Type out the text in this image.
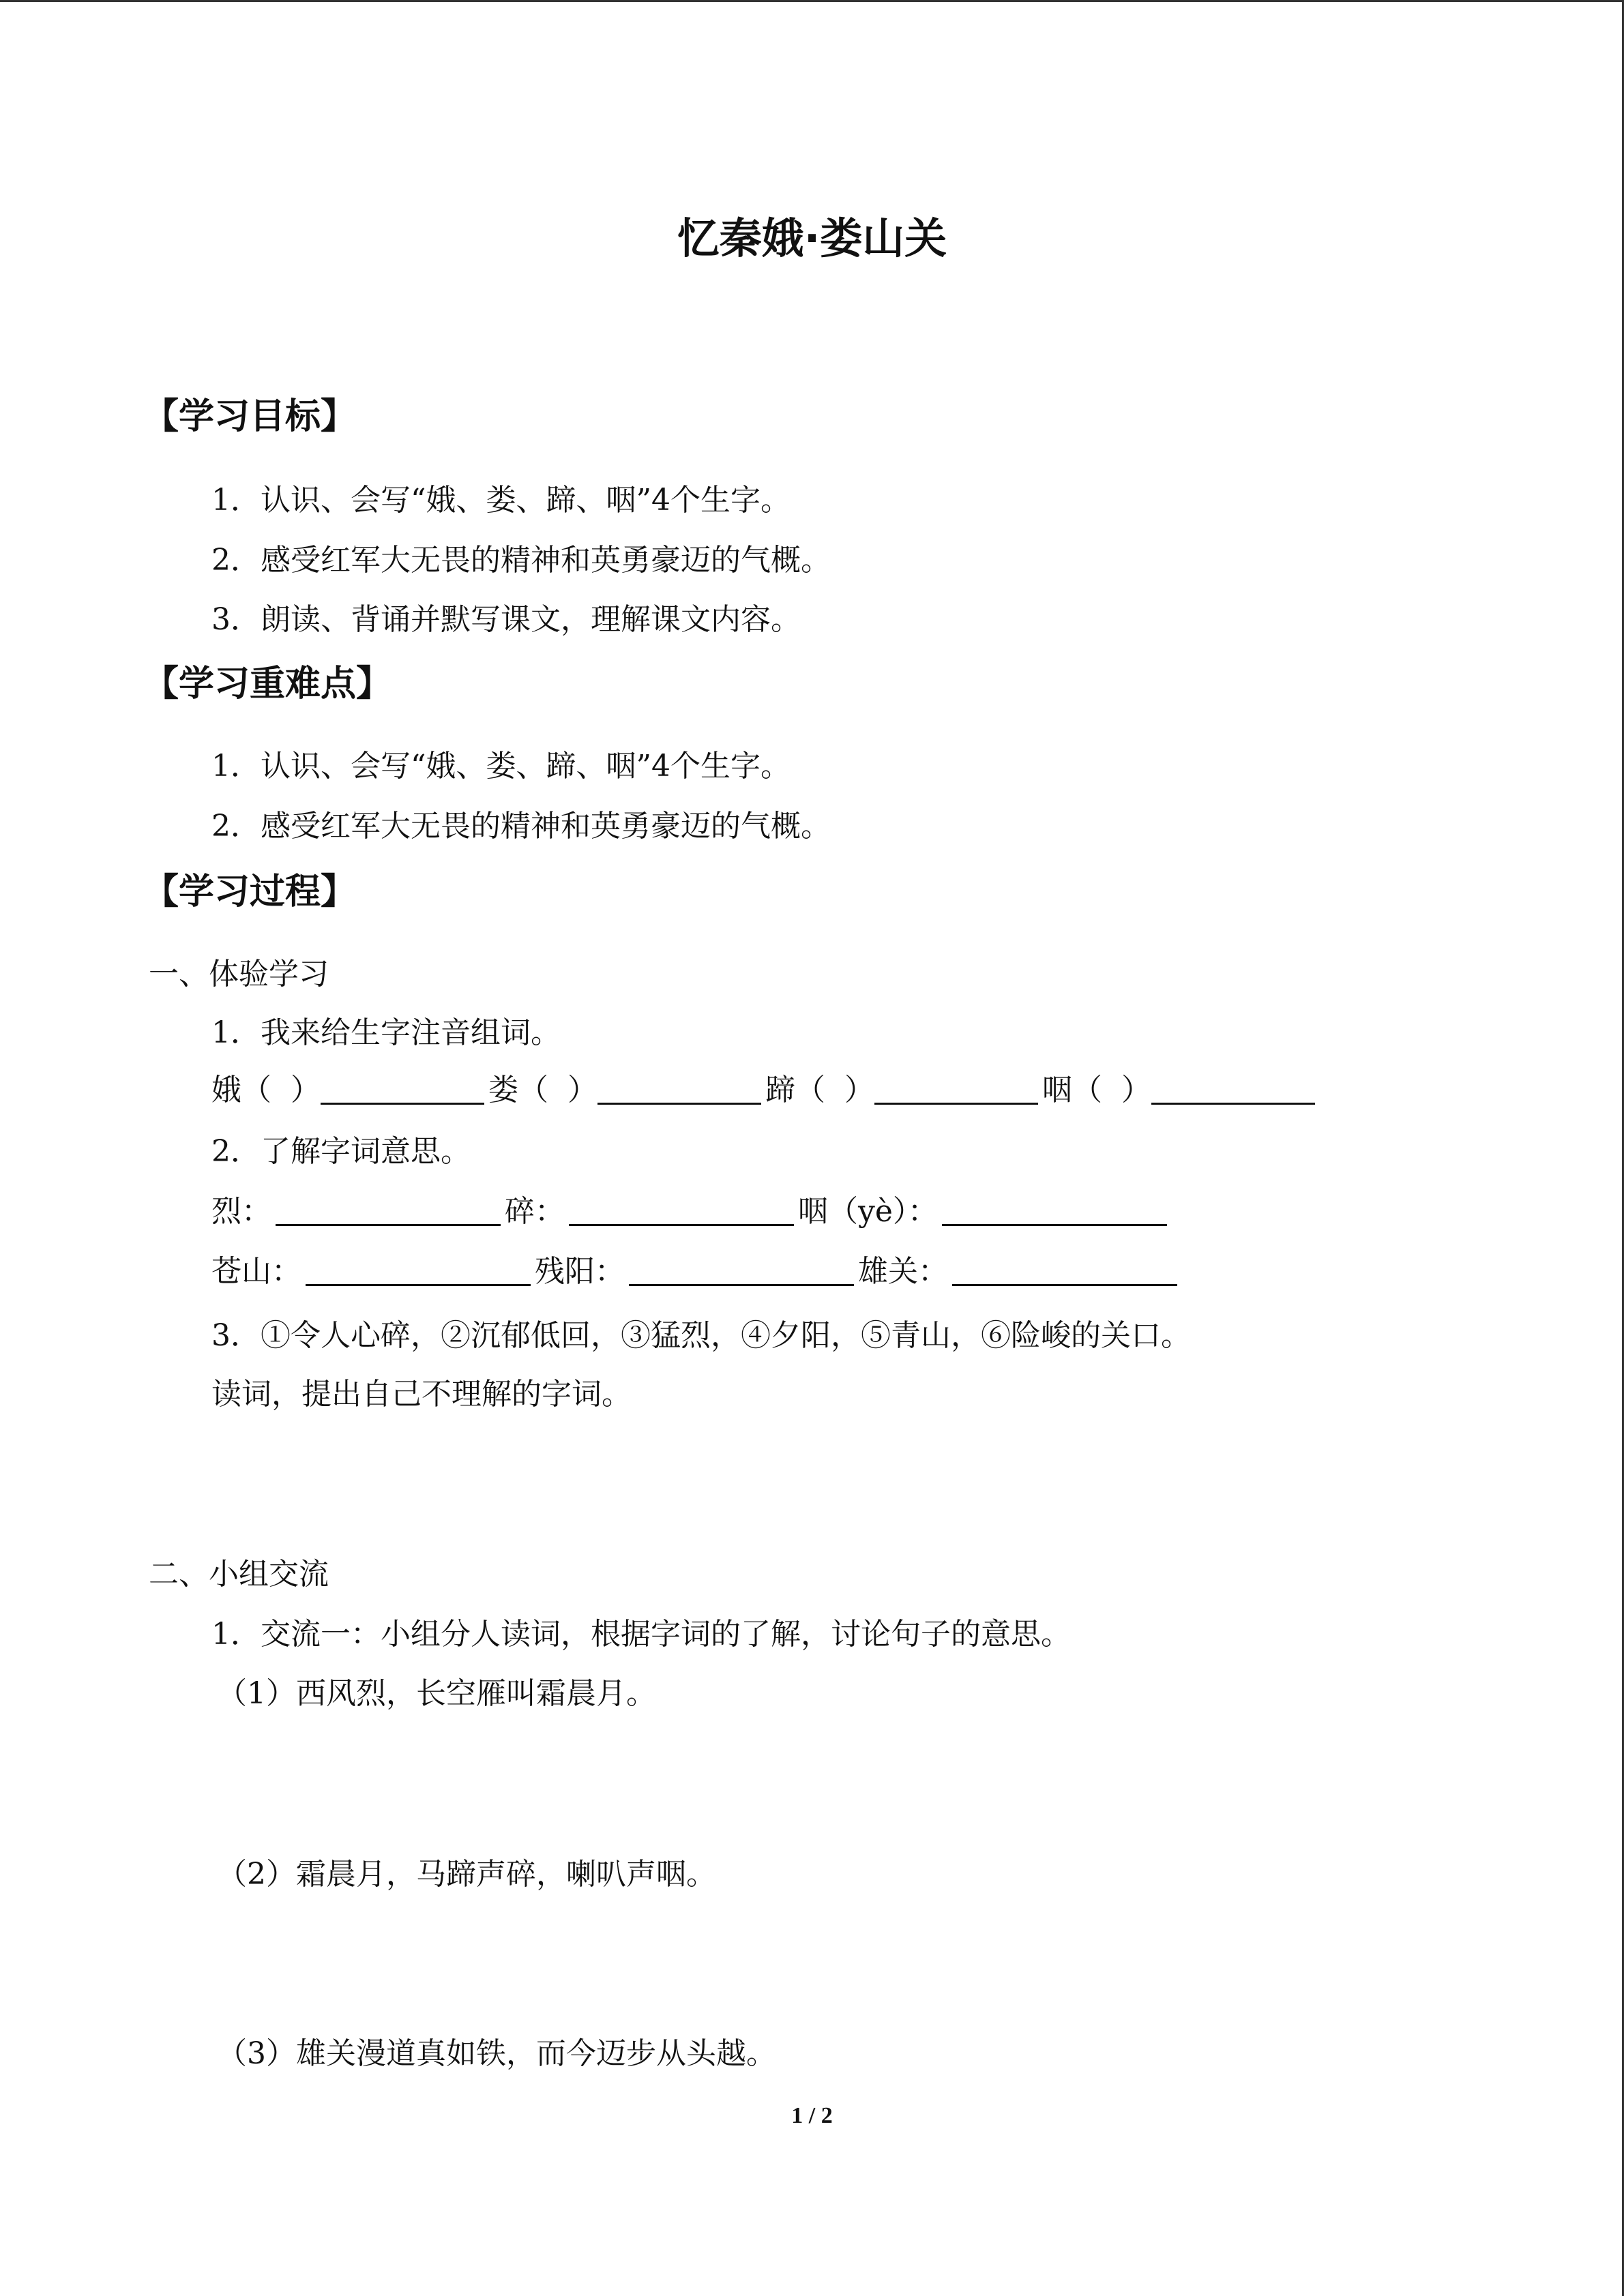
忆秦娥·娄山关
【学习目标】
1．认识、会写“娥、娄、蹄、咽”4个生字。
2．感受红军大无畏的精神和英勇豪迈的气概。
3．朗读、背诵并默写课文，理解课文内容。
【学习重难点】
1．认识、会写“娥、娄、蹄、咽”4个生字。
2．感受红军大无畏的精神和英勇豪迈的气概。
【学习过程】
一、体验学习
1．我来给生字注音组词。
娥 （ ）	娄 （ ）	蹄 （ ）	咽 （ ）
2．了解字词意思。
烈：	碎：	咽（yè）：
苍山：	残阳：	雄关：
3．①令人心碎，②沉郁低回，③猛烈，④夕阳，⑤青山，⑥险峻的关口。
读词，提出自己不理解的字词。
二、小组交流
1．交流一：小组分人读词，根据字词的了解，讨论句子的意思。
（1）西风烈，长空雁叫霜晨月。
（2）霜晨月，马蹄声碎，喇叭声咽。
（3）雄关漫道真如铁，而今迈步从头越。
1 / 2
